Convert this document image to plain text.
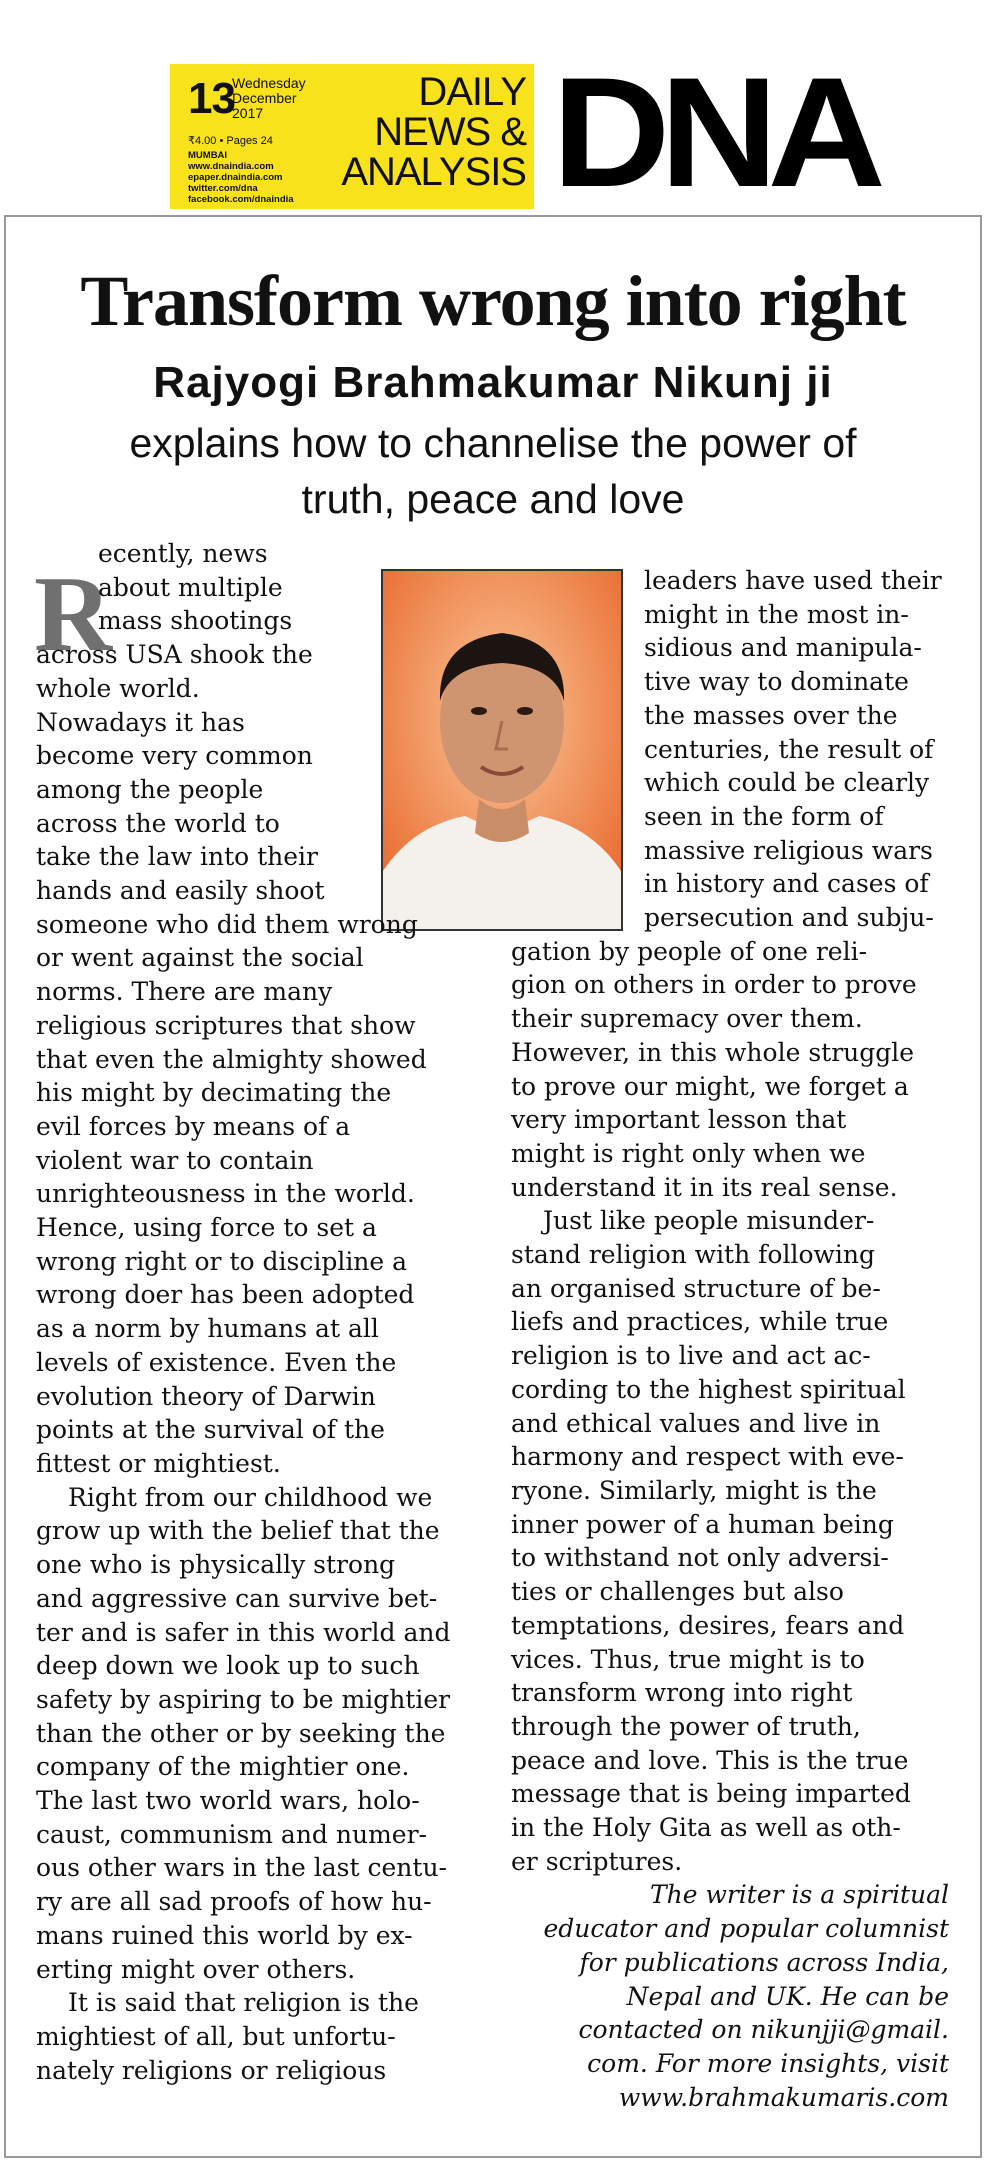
13
Wednesday
December
2017
₹4.00 • Pages 24
MUMBAI
www.dnaindia.com
epaper.dnaindia.com
twitter.com/dna
facebook.com/dnaindia
DAILY
NEWS &
ANALYSIS DNA
Transform wrong into right
Rajyogi Brahmakumar Nikunj ji
explains how to channelise the power of
truth, peace and love
R
ecently, news
about multiple
mass shootings
across USA shook the
whole world.
Nowadays it has
become very common
among the people
across the world to
take the law into their
hands and easily shoot
someone who did them wrong
or went against the social
norms. There are many
religious scriptures that show
that even the almighty showed
his might by decimating the
evil forces by means of a
violent war to contain
unrighteousness in the world.
Hence, using force to set a
wrong right or to discipline a
wrong doer has been adopted
as a norm by humans at all
levels of existence. Even the
evolution theory of Darwin
points at the survival of the
fittest or mightiest.
Right from our childhood we
grow up with the belief that the
one who is physically strong
and aggressive can survive bet-
ter and is safer in this world and
deep down we look up to such
safety by aspiring to be mightier
than the other or by seeking the
company of the mightier one.
The last two world wars, holo-
caust, communism and numer-
ous other wars in the last centu-
ry are all sad proofs of how hu-
mans ruined this world by ex-
erting might over others.
It is said that religion is the
mightiest of all, but unfortu-
nately religions or religious
leaders have used their
might in the most in-
sidious and manipula-
tive way to dominate
the masses over the
centuries, the result of
which could be clearly
seen in the form of
massive religious wars
in history and cases of
persecution and subju-
gation by people of one reli-
gion on others in order to prove
their supremacy over them.
However, in this whole struggle
to prove our might, we forget a
very important lesson that
might is right only when we
understand it in its real sense.
Just like people misunder-
stand religion with following
an organised structure of be-
liefs and practices, while true
religion is to live and act ac-
cording to the highest spiritual
and ethical values and live in
harmony and respect with eve-
ryone. Similarly, might is the
inner power of a human being
to withstand not only adversi-
ties or challenges but also
temptations, desires, fears and
vices. Thus, true might is to
transform wrong into right
through the power of truth,
peace and love. This is the true
message that is being imparted
in the Holy Gita as well as oth-
er scriptures.
The writer is a spiritual
educator and popular columnist
for publications across India,
Nepal and UK. He can be
contacted on nikunjji@gmail.
com. For more insights, visit
www.brahmakumaris.com
